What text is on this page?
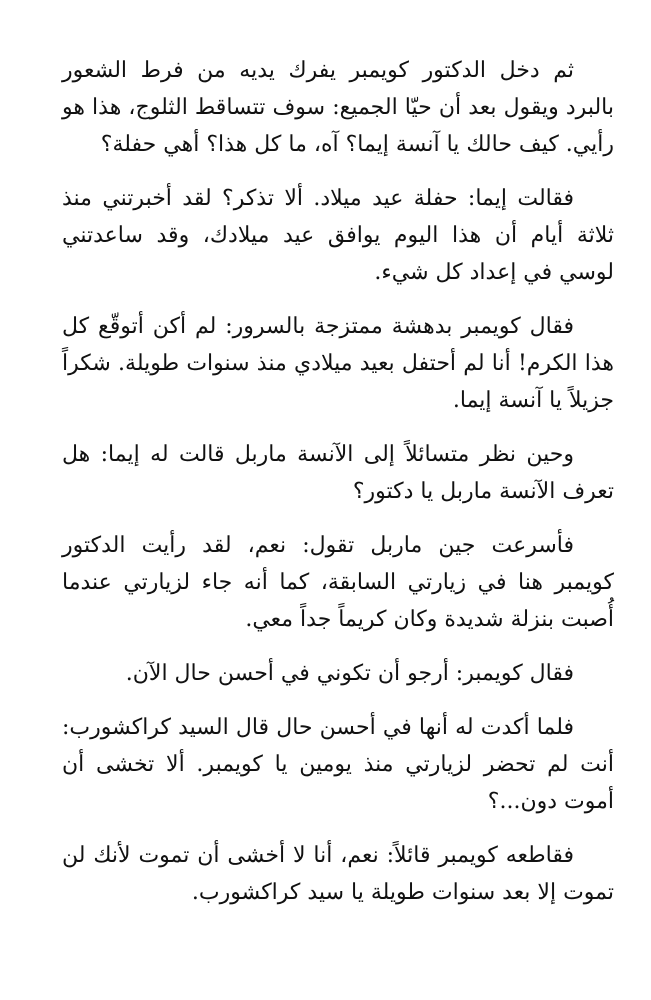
ثم دخل الدكتور كويمبر يفرك يديه من فرط الشعور بالبرد ويقول بعد أن حيّا الجميع: سوف تتساقط الثلوج، هذا هو رأيي. كيف حالك يا آنسة إيما؟ آه، ما كل هذا؟ أهي حفلة؟

فقالت إيما: حفلة عيد ميلاد. ألا تذكر؟ لقد أخبرتني منذ ثلاثة أيام أن هذا اليوم يوافق عيد ميلادك، وقد ساعدتني لوسي في إعداد كل شيء.

فقال كويمبر بدهشة ممتزجة بالسرور: لم أكن أتوقّع كل هذا الكرم! أنا لم أحتفل بعيد ميلادي منذ سنوات طويلة. شكراً جزيلاً يا آنسة إيما.

وحين نظر متسائلاً إلى الآنسة ماربل قالت له إيما: هل تعرف الآنسة ماربل يا دكتور؟

فأسرعت جين ماربل تقول: نعم، لقد رأيت الدكتور كويمبر هنا في زيارتي السابقة، كما أنه جاء لزيارتي عندما أُصبت بنزلة شديدة وكان كريماً جداً معي.

فقال كويمبر: أرجو أن تكوني في أحسن حال الآن.

فلما أكدت له أنها في أحسن حال قال السيد كراكشورب: أنت لم تحضر لزيارتي منذ يومين يا كويمبر. ألا تخشى أن أموت دون...؟

فقاطعه كويمبر قائلاً: نعم، أنا لا أخشى أن تموت لأنك لن تموت إلا بعد سنوات طويلة يا سيد كراكشورب.
